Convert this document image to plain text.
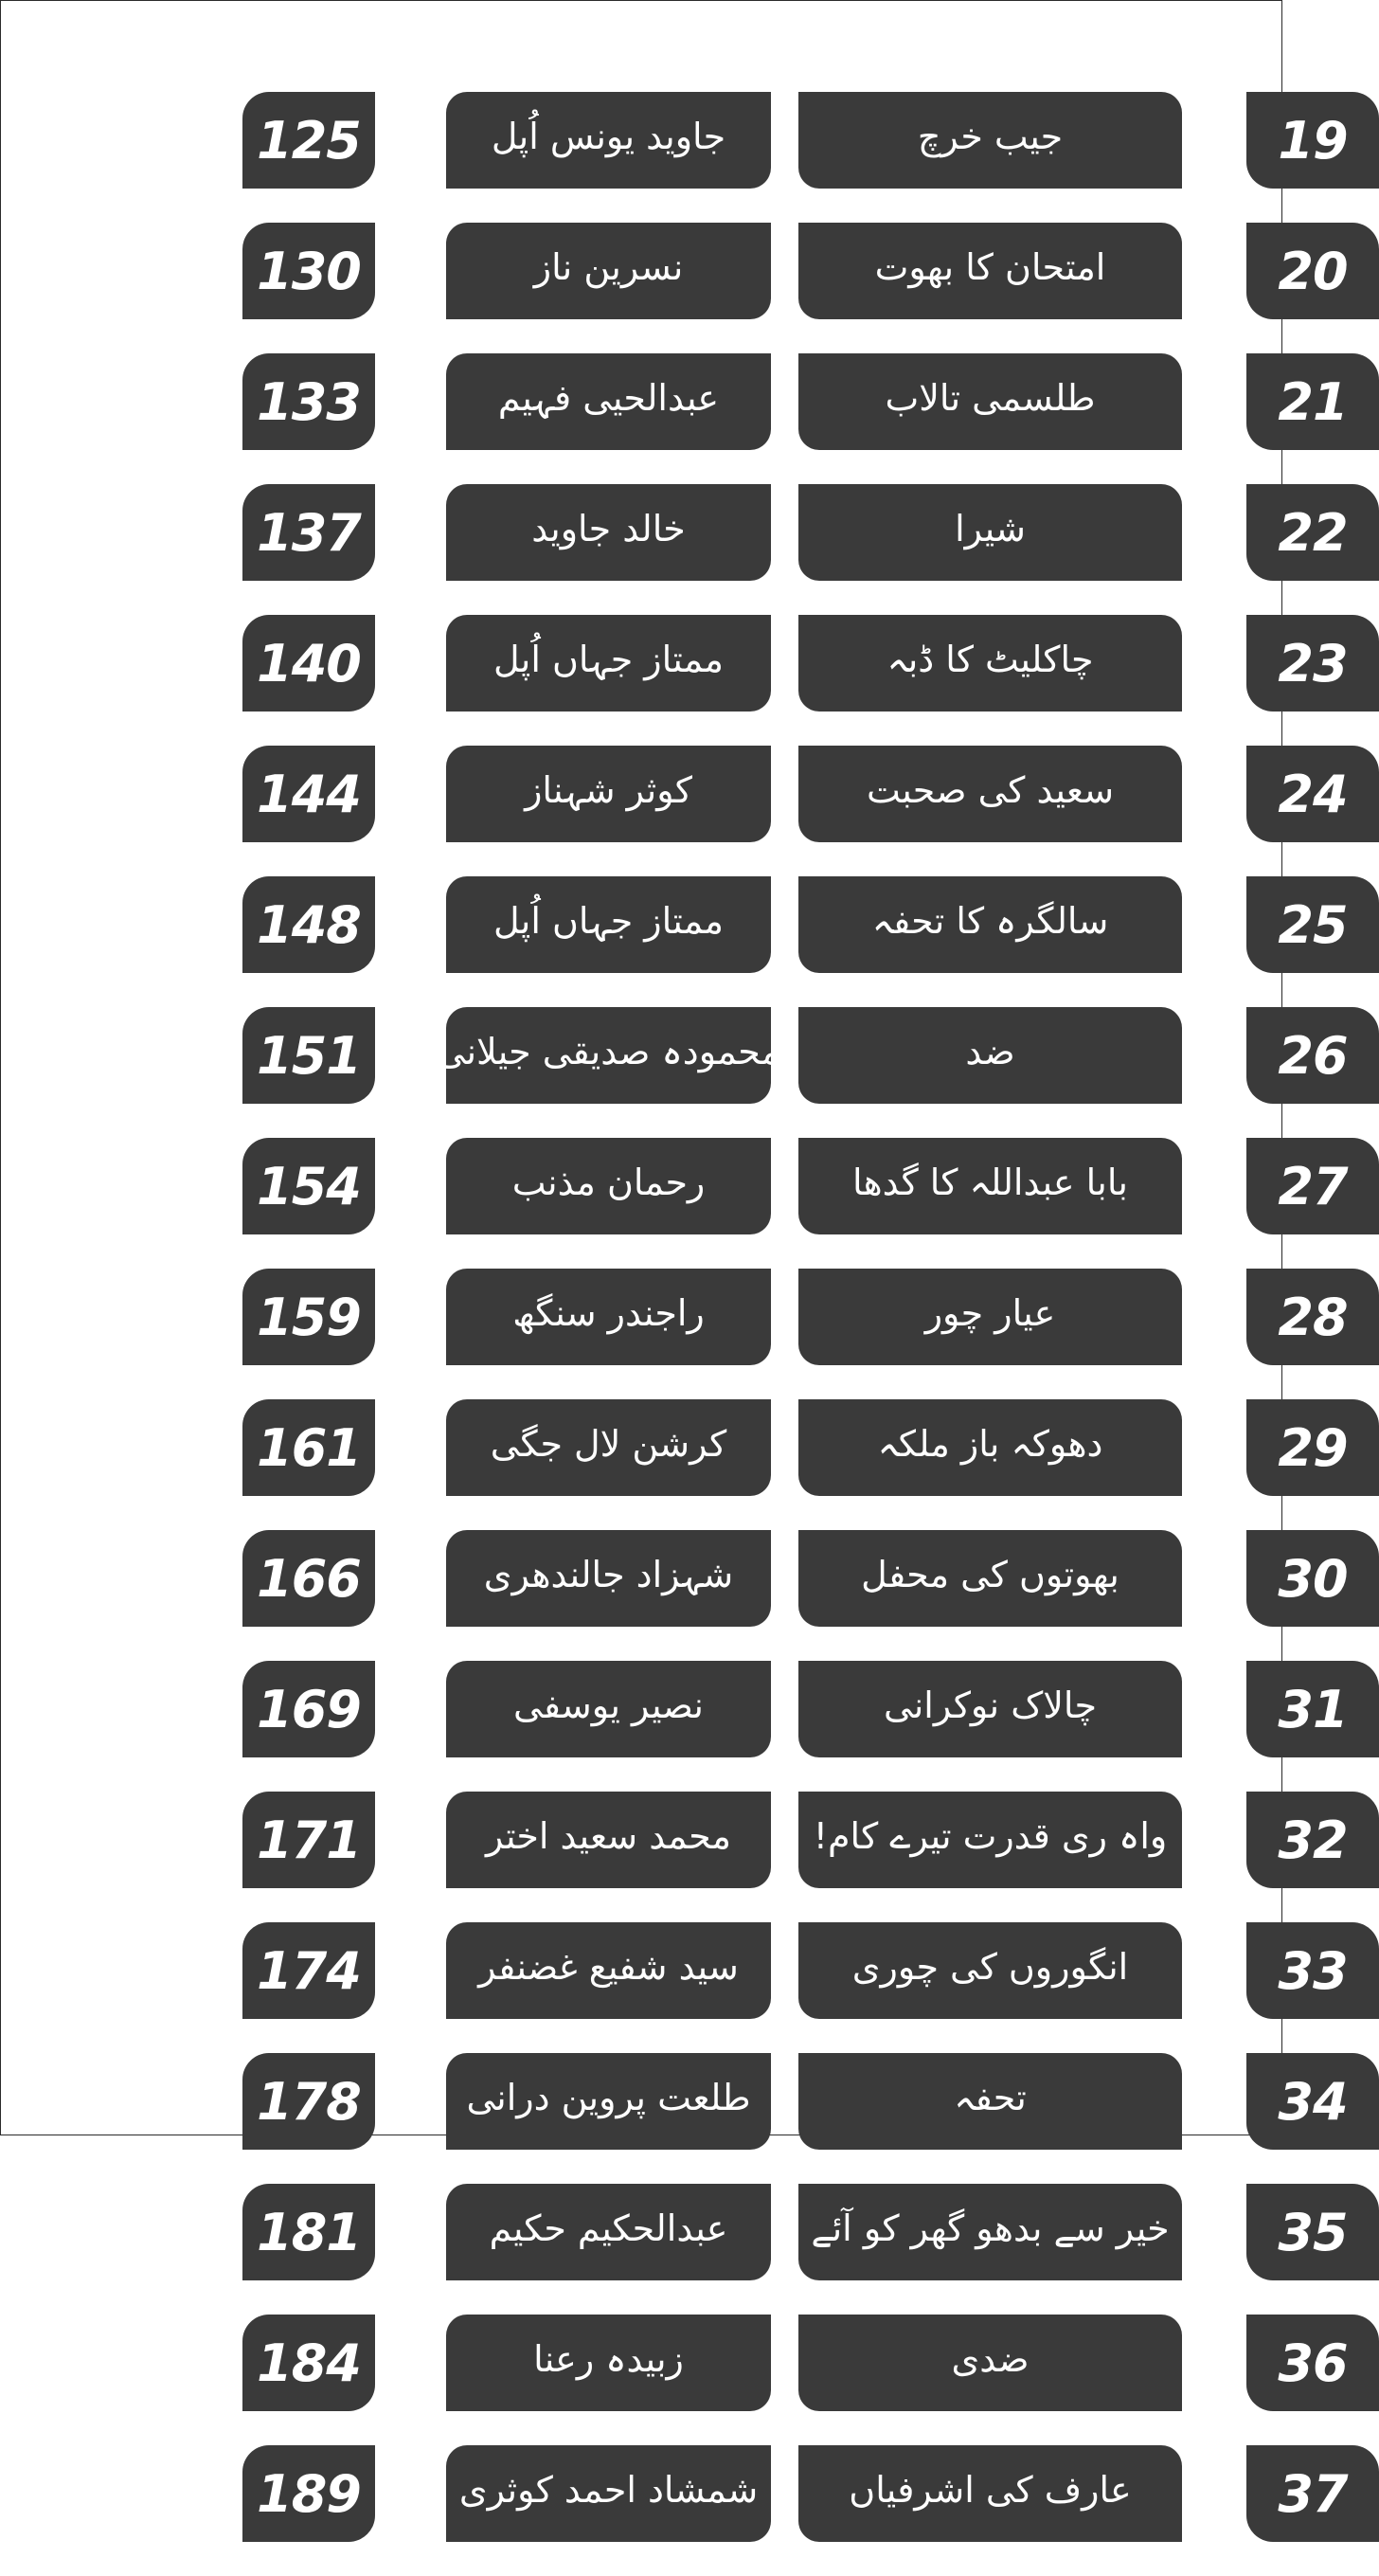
125	جاوید یونس اُپل	جیب خرچ	19
130	نسرین ناز	امتحان کا بھوت	20
133	عبدالحیی فہیم	طلسمی تالاب	21
137	خالد جاوید	شیرا	22
140	ممتاز جہاں اُپل	چاکلیٹ کا ڈبہ	23
144	کوثر شہناز	سعید کی صحبت	24
148	ممتاز جہاں اُپل	سالگرہ کا تحفہ	25
151	محمودہ صدیقی جیلانی	ضد	26
154	رحمان مذنب	بابا عبداللہ کا گدھا	27
159	راجندر سنگھ	عیار چور	28
161	کرشن لال جگی	دھوکہ باز ملکہ	29
166	شہزاد جالندھری	بھوتوں کی محفل	30
169	نصیر یوسفی	چالاک نوکرانی	31
171	محمد سعید اختر	واہ ری قدرت تیرے کام!	32
174	سید شفیع غضنفر	انگوروں کی چوری	33
178	طلعت پروین درانی	تحفہ	34
181	عبدالحکیم حکیم	خیر سے بدھو گھر کو آئے	35
184	زبیدہ رعنا	ضدی	36
189	شمشاد احمد کوثری	عارف کی اشرفیاں	37
